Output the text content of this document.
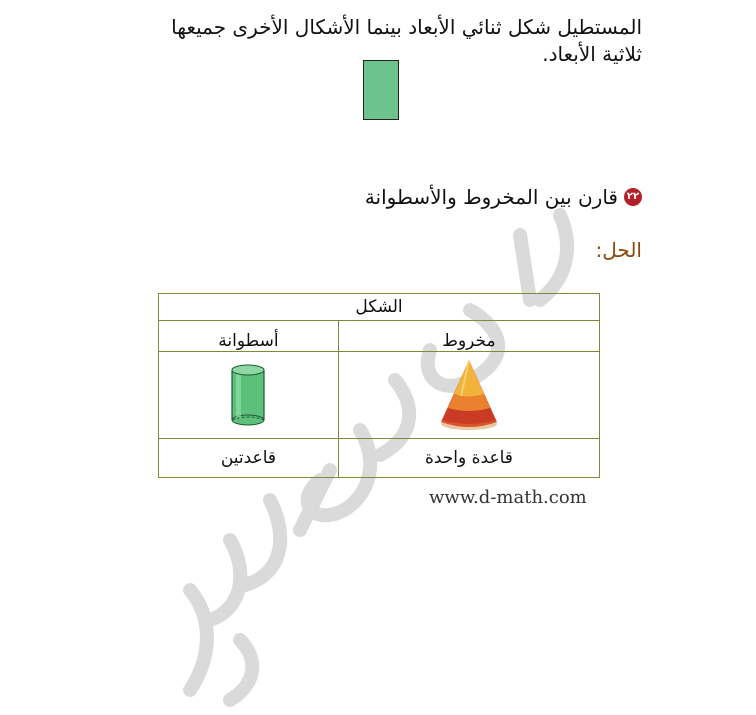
المستطيل شكل ثنائي الأبعاد بينما الأشكال الأخرى جميعها ثلاثية الأبعاد.
٢٢
قارن بين المخروط والأسطوانة
الحل:
الشكل	
مخروط	أسطوانة

قاعدة واحدة	قاعدتين
www.d-math.com
